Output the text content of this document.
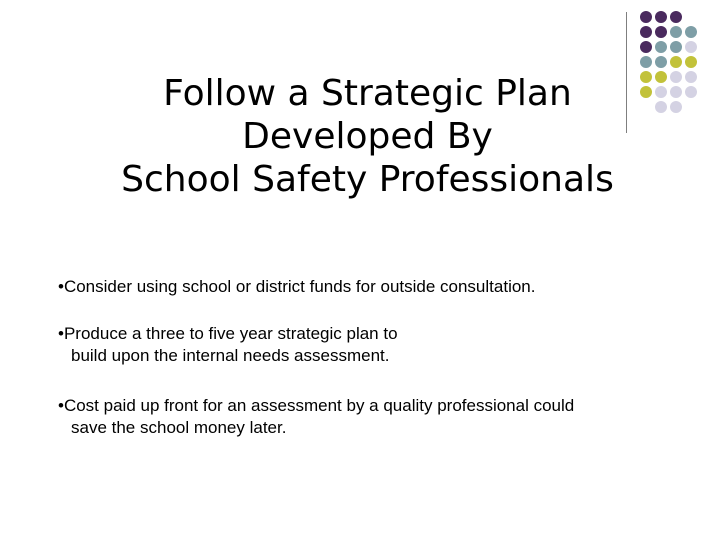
Follow a Strategic Plan
Developed By
School Safety Professionals
•Consider using school or district funds for outside consultation.
•Produce a three to five year strategic plan to
build upon the internal needs assessment.
•Cost paid up front for an assessment by a quality professional could
save the school money later.
